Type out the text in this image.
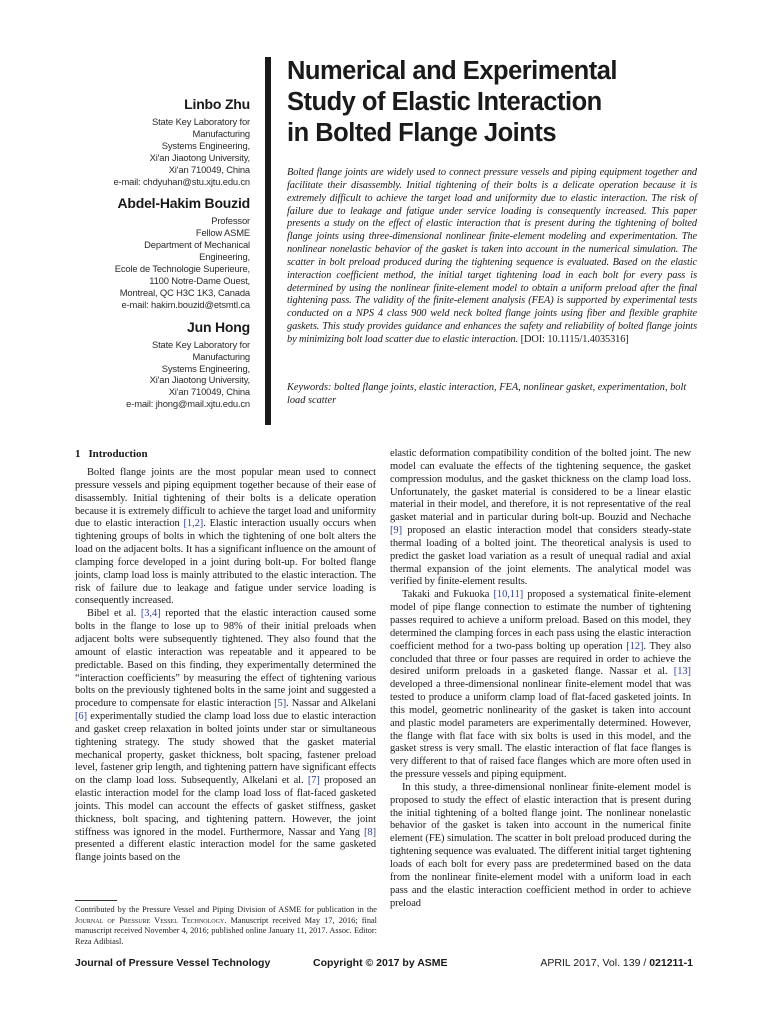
Linbo Zhu
State Key Laboratory for Manufacturing
Systems Engineering,
Xi'an Jiaotong University,
Xi'an 710049, China
e-mail: chdyuhan@stu.xjtu.edu.cn
Abdel-Hakim Bouzid
Professor
Fellow ASME
Department of Mechanical Engineering,
Ecole de Technologie Superieure,
1100 Notre-Dame Ouest,
Montreal, QC H3C 1K3, Canada
e-mail: hakim.bouzid@etsmtl.ca
Jun Hong
State Key Laboratory for Manufacturing
Systems Engineering,
Xi'an Jiaotong University,
Xi'an 710049, China
e-mail: jhong@mail.xjtu.edu.cn
Numerical and Experimental
Study of Elastic Interaction
in Bolted Flange Joints

Bolted flange joints are widely used to connect pressure vessels and piping equipment together and facilitate their disassembly. Initial tightening of their bolts is a delicate operation because it is extremely difficult to achieve the target load and uniformity due to elastic interaction. The risk of failure due to leakage and fatigue under service loading is consequently increased. This paper presents a study on the effect of elastic interaction that is present during the tightening of bolted flange joints using three-dimensional nonlinear finite-element modeling and experimentation. The nonlinear nonelastic behavior of the gasket is taken into account in the numerical simulation. The scatter in bolt preload produced during the tightening sequence is evaluated. Based on the elastic interaction coefficient method, the initial target tightening load in each bolt for every pass is determined by using the nonlinear finite-element model to obtain a uniform preload after the final tightening pass. The validity of the finite-element analysis (FEA) is supported by experimental tests conducted on a NPS 4 class 900 weld neck bolted flange joints using fiber and flexible graphite gaskets. This study provides guidance and enhances the safety and reliability of bolted flange joints by minimizing bolt load scatter due to elastic interaction. [DOI: 10.1115/1.4035316]

Keywords: bolted flange joints, elastic interaction, FEA, nonlinear gasket, experimentation, bolt load scatter

1 Introduction

Bolted flange joints are the most popular mean used to connect pressure vessels and piping equipment together because of their ease of disassembly. Initial tightening of their bolts is a delicate operation because it is extremely difficult to achieve the target load and uniformity due to elastic interaction [1,2]. Elastic interaction usually occurs when tightening groups of bolts in which the tightening of one bolt alters the load on the adjacent bolts. It has a significant influence on the amount of clamping force developed in a joint during bolt-up. For bolted flange joints, clamp load loss is mainly attributed to the elastic interaction. The risk of failure due to leakage and fatigue under service loading is consequently increased.

Bibel et al. [3,4] reported that the elastic interaction caused some bolts in the flange to lose up to 98% of their initial preloads when adjacent bolts were subsequently tightened. They also found that the amount of elastic interaction was repeatable and it appeared to be predictable. Based on this finding, they experimentally determined the “interaction coefficients” by measuring the effect of tightening various bolts on the previously tightened bolts in the same joint and suggested a procedure to compensate for elastic interaction [5]. Nassar and Alkelani [6] experimentally studied the clamp load loss due to elastic interaction and gasket creep relaxation in bolted joints under star or simultaneous tightening strategy. The study showed that the gasket material mechanical property, gasket thickness, bolt spacing, fastener preload level, fastener grip length, and tightening pattern have significant effects on the clamp load loss. Subsequently, Alkelani et al. [7] proposed an elastic interaction model for the clamp load loss of flat-faced gasketed joints. This model can account the effects of gasket stiffness, gasket thickness, bolt spacing, and tightening pattern. However, the joint stiffness was ignored in the model. Furthermore, Nassar and Yang [8] presented a different elastic interaction model for the same gasketed flange joints based on the

elastic deformation compatibility condition of the bolted joint. The new model can evaluate the effects of the tightening sequence, the gasket compression modulus, and the gasket thickness on the clamp load loss. Unfortunately, the gasket material is considered to be a linear elastic material in their model, and therefore, it is not representative of the real gasket material and in particular during bolt-up. Bouzid and Nechache [9] proposed an elastic interaction model that considers steady-state thermal loading of a bolted joint. The theoretical analysis is used to predict the gasket load variation as a result of unequal radial and axial thermal expansion of the joint elements. The analytical model was verified by finite-element results.

Takaki and Fukuoka [10,11] proposed a systematical finite-element model of pipe flange connection to estimate the number of tightening passes required to achieve a uniform preload. Based on this model, they determined the clamping forces in each pass using the elastic interaction coefficient method for a two-pass bolting up operation [12]. They also concluded that three or four passes are required in order to achieve the desired uniform preloads in a gasketed flange. Nassar et al. [13] developed a three-dimensional nonlinear finite-element model that was tested to produce a uniform clamp load of flat-faced gasketed joints. In this model, geometric nonlinearity of the gasket is taken into account and plastic model parameters are experimentally determined. However, the flange with flat face with six bolts is used in this model, and the gasket stress is very small. The elastic interaction of flat face flanges is very different to that of raised face flanges which are more often used in the pressure vessels and piping equipment.

In this study, a three-dimensional nonlinear finite-element model is proposed to study the effect of elastic interaction that is present during the initial tightening of a bolted flange joint. The nonlinear nonelastic behavior of the gasket is taken into account in the numerical finite element (FE) simulation. The scatter in bolt preload produced during the tightening sequence was evaluated. The different initial target tightening loads of each bolt for every pass are predetermined based on the data from the nonlinear finite-element model with a uniform load in each pass and the elastic interaction coefficient method in order to achieve preload

Contributed by the Pressure Vessel and Piping Division of ASME for publication in the Journal of Pressure Vessel Technology. Manuscript received May 17, 2016; final manuscript received November 4, 2016; published online January 11, 2017. Assoc. Editor: Reza Adibiasl.

Journal of Pressure Vessel Technology	Copyright © 2017 by ASME	APRIL 2017, Vol. 139 / 021211-1
